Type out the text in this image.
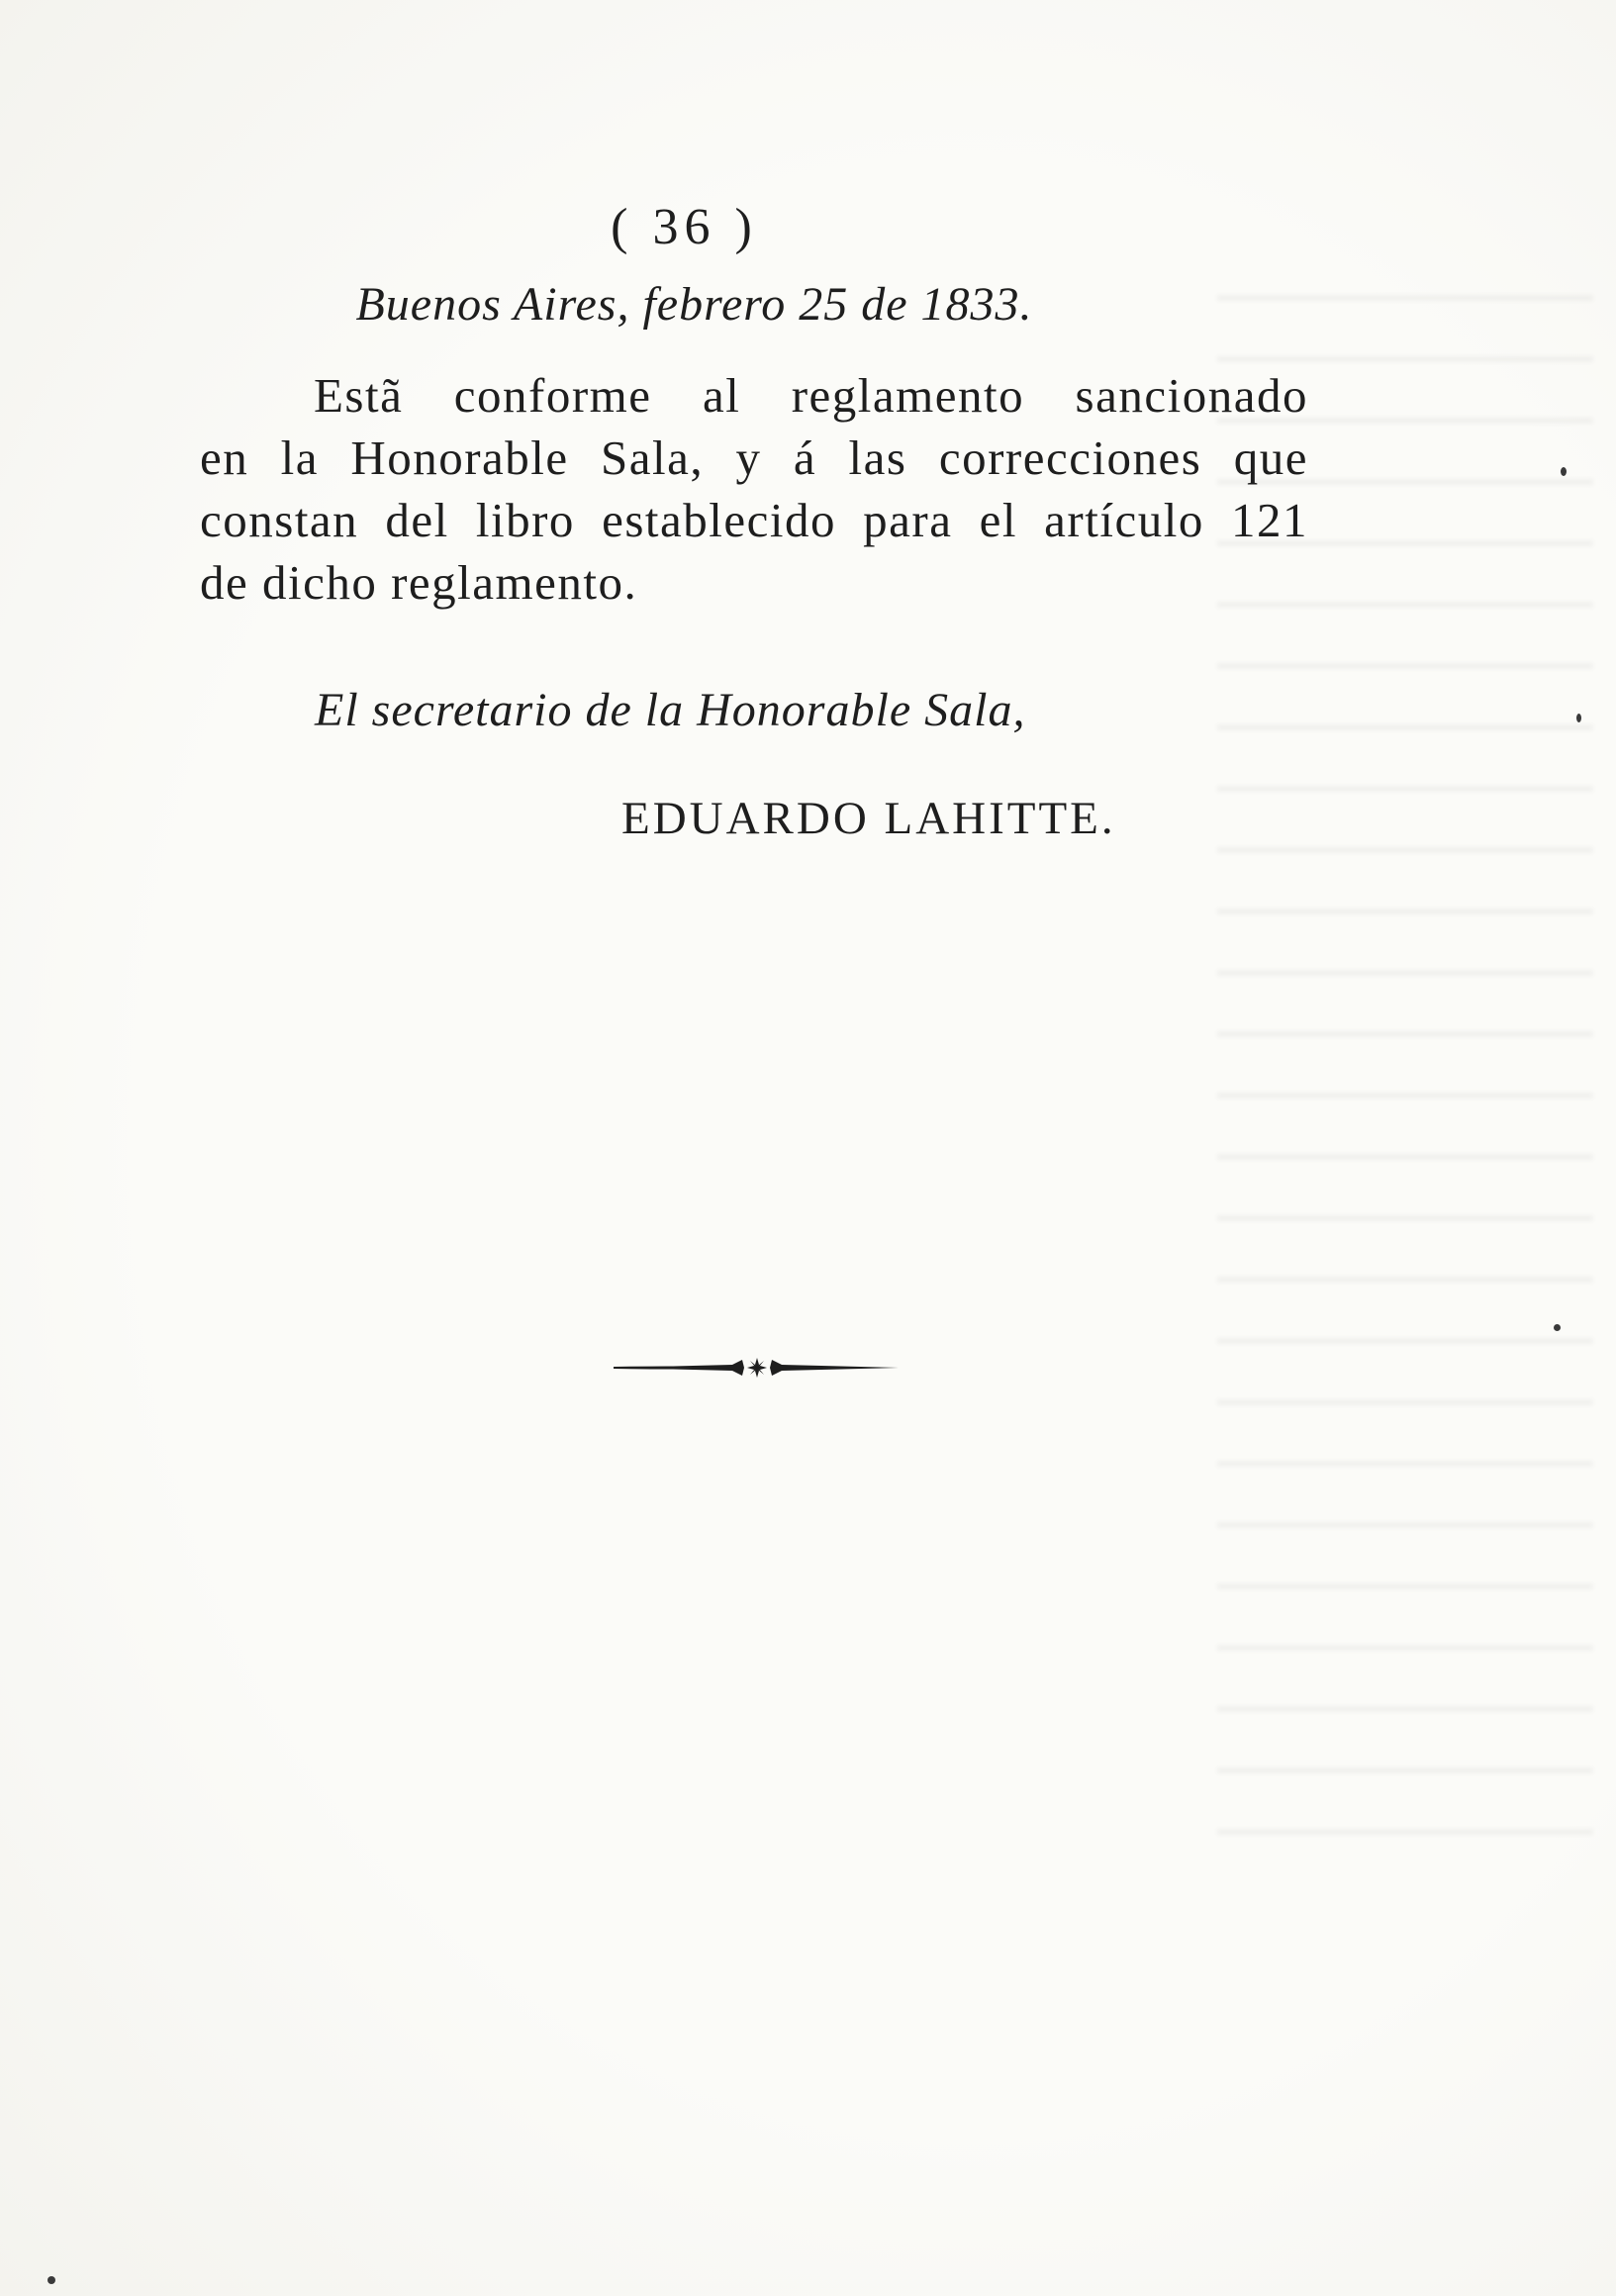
( 36 )
Buenos Aires, febrero 25 de 1833.

Estã conforme al reglamento sancionado
en la Honorable Sala, y á las correcciones que
constan del libro establecido para el artículo 121
de dicho reglamento.

El secretario de la Honorable Sala,
EDUARDO LAHITTE.
